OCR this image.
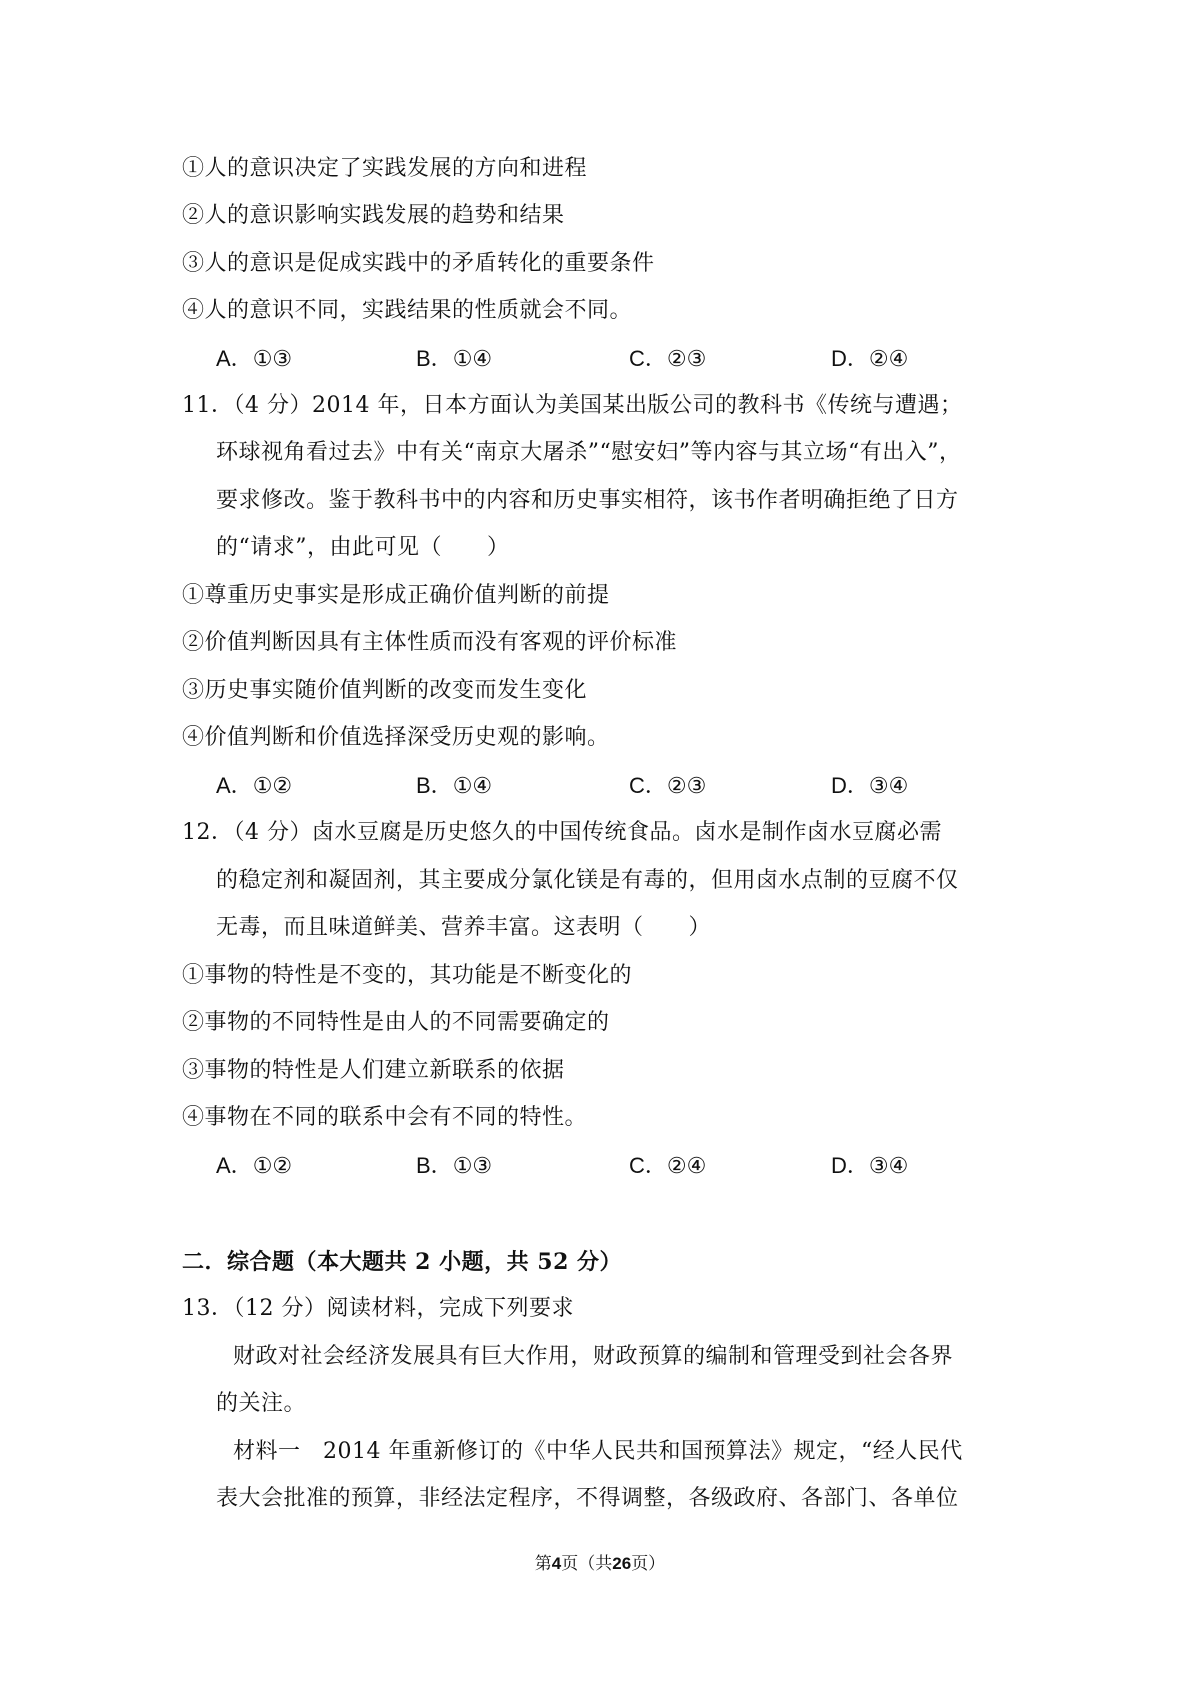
①人的意识决定了实践发展的方向和进程
②人的意识影响实践发展的趋势和结果
③人的意识是促成实践中的矛盾转化的重要条件
④人的意识不同，实践结果的性质就会不同。
A．①③	B．①④	C．②③	D．②④
11．（4 分）2014 年，日本方面认为美国某出版公司的教科书《传统与遭遇；
环球视角看过去》中有关“南京大屠杀”“慰安妇”等内容与其立场“有出入”，
要求修改。鉴于教科书中的内容和历史事实相符，该书作者明确拒绝了日方
的“请求”，由此可见（　　）
①尊重历史事实是形成正确价值判断的前提
②价值判断因具有主体性质而没有客观的评价标准
③历史事实随价值判断的改变而发生变化
④价值判断和价值选择深受历史观的影响。
A．①②	B．①④	C．②③	D．③④
12．（4 分）卤水豆腐是历史悠久的中国传统食品。卤水是制作卤水豆腐必需
的稳定剂和凝固剂，其主要成分氯化镁是有毒的，但用卤水点制的豆腐不仅
无毒，而且味道鲜美、营养丰富。这表明（　　）
①事物的特性是不变的，其功能是不断变化的
②事物的不同特性是由人的不同需要确定的
③事物的特性是人们建立新联系的依据
④事物在不同的联系中会有不同的特性。
A．①②	B．①③	C．②④	D．③④
二．综合题（本大题共 2 小题，共 52 分）
13．（12 分）阅读材料，完成下列要求
财政对社会经济发展具有巨大作用，财政预算的编制和管理受到社会各界
的关注。
材料一　2014 年重新修订的《中华人民共和国预算法》规定，“经人民代
表大会批准的预算，非经法定程序，不得调整，各级政府、各部门、各单位
第4页（共26页）
